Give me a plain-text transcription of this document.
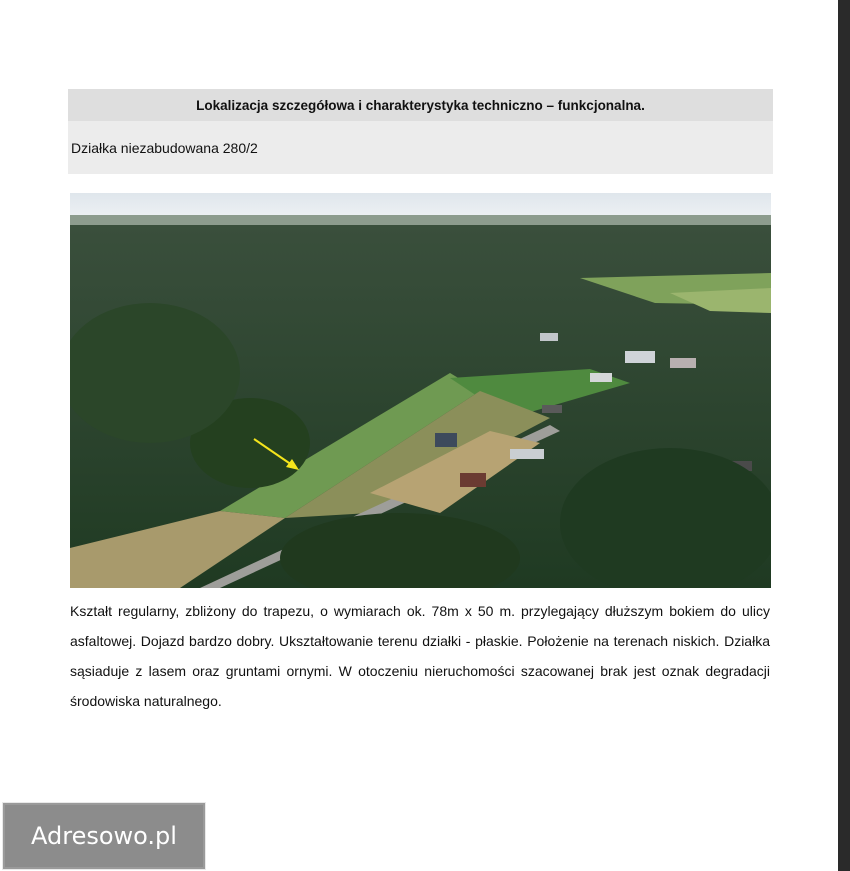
Lokalizacja szczegółowa i charakterystyka techniczno – funkcjonalna.
Działka niezabudowana 280/2
Kształt regularny, zbliżony do trapezu, o wymiarach ok. 78m x 50 m. przylegający dłuższym bokiem do ulicy asfaltowej. Dojazd bardzo dobry. Ukształtowanie terenu działki - płaskie. Położenie na terenach niskich. Działka sąsiaduje z lasem oraz gruntami ornymi. W otoczeniu nieruchomości szacowanej brak jest oznak degradacji środowiska naturalnego.
Adresowo.pl
